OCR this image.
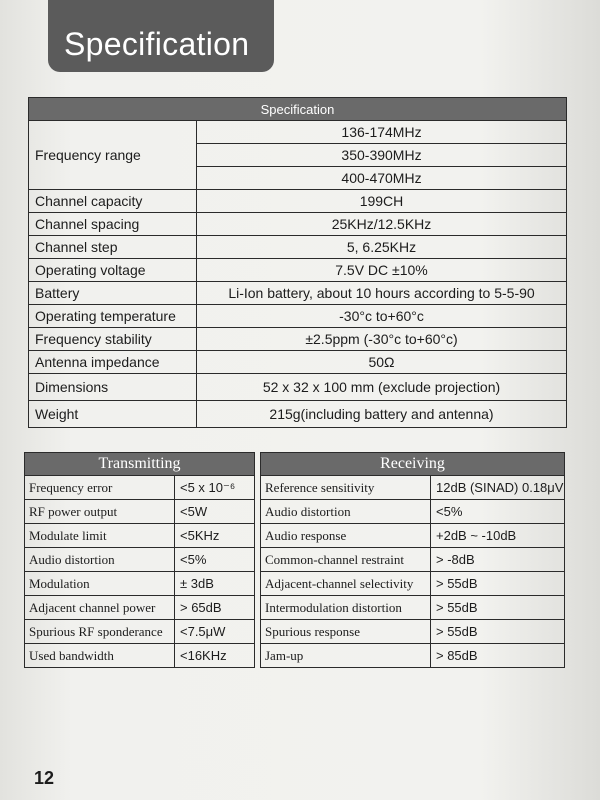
Specification
Specification	
Frequency range	136-174MHz
	350-390MHz
	400-470MHz
Channel capacity	199CH
Channel spacing	25KHz/12.5KHz
Channel step	5, 6.25KHz
Operating voltage	7.5V DC ±10%
Battery	Li-Ion battery, about 10 hours according to 5-5-90
Operating temperature	-30°c to+60°c
Frequency stability	±2.5ppm (-30°c to+60°c)
Antenna impedance	50Ω
Dimensions	52 x 32 x 100 mm (exclude projection)
Weight	215g(including battery and antenna)
Transmitting	
Frequency error	<5 x 10⁻⁶
RF power output	<5W
Modulate limit	<5KHz
Audio distortion	<5%
Modulation	± 3dB
Adjacent channel power	> 65dB
Spurious RF sponderance	<7.5μW
Used bandwidth	<16KHz
Receiving	
Reference sensitivity	12dB (SINAD) 0.18μV
Audio distortion	<5%
Audio response	+2dB ~ -10dB
Common-channel restraint	> -8dB
Adjacent-channel selectivity	> 55dB
Intermodulation distortion	> 55dB
Spurious response	> 55dB
Jam-up	> 85dB
12
